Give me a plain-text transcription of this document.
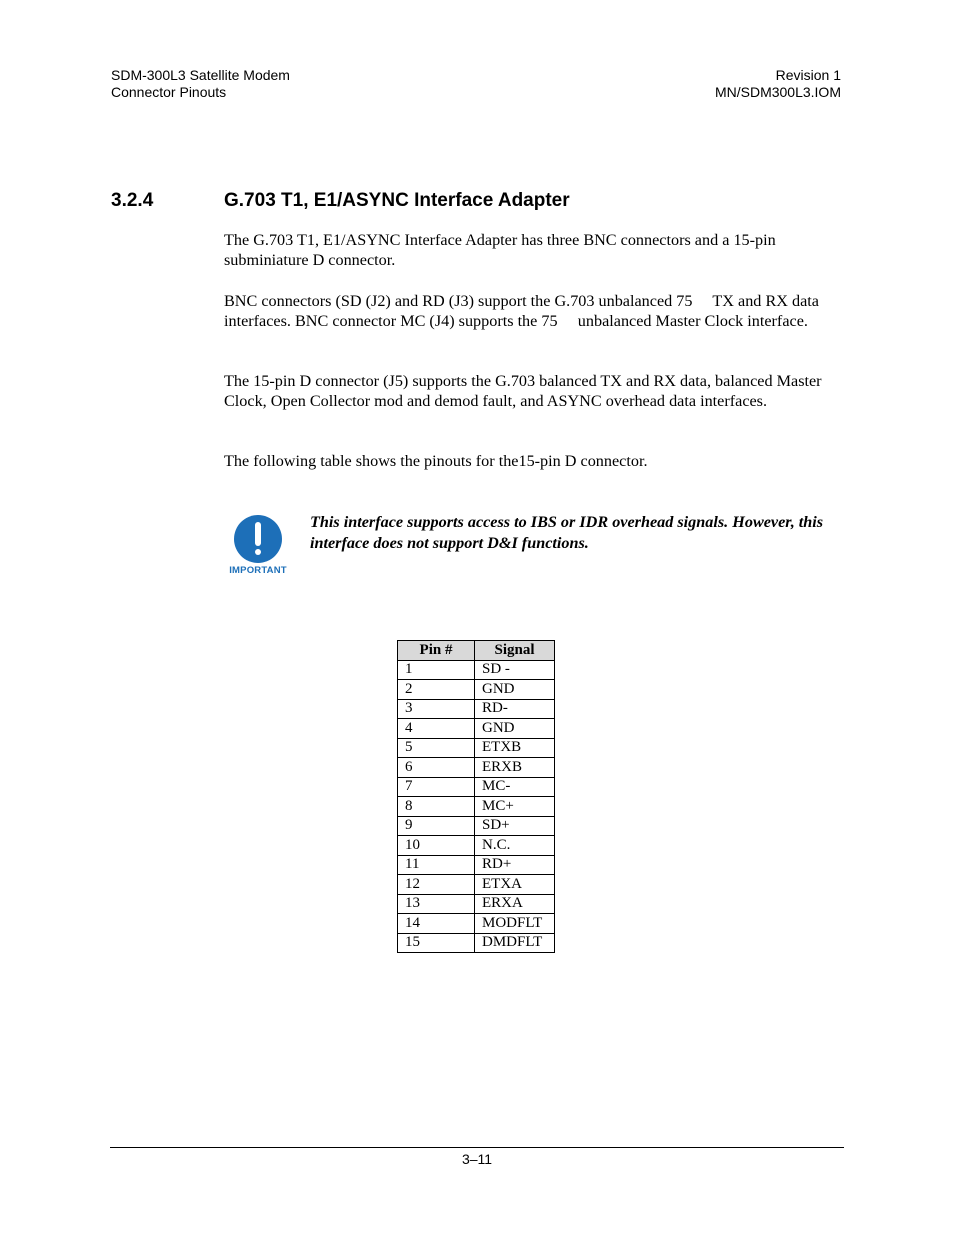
SDM-300L3 Satellite Modem
Connector Pinouts
Revision 1
MN/SDM300L3.IOM
3.2.4	G.703 T1, E1/ASYNC Interface Adapter

The G.703 T1, E1/ASYNC Interface Adapter has three BNC connectors and a 15-pin subminiature D connector.

BNC connectors (SD (J2) and RD (J3) support the G.703 unbalanced 75     TX and RX data interfaces. BNC connector MC (J4) supports the 75     unbalanced Master Clock interface.

The 15-pin D connector (J5) supports the G.703 balanced TX and RX data, balanced Master Clock, Open Collector mod and demod fault, and ASYNC overhead data interfaces.

The following table shows the pinouts for the15-pin D connector.

IMPORTANT
This interface supports access to IBS or IDR overhead signals. However, this interface does not support D&I functions.
Pin #	Signal
1	SD -
2	GND
3	RD-
4	GND
5	ETXB
6	ERXB
7	MC-
8	MC+
9	SD+
10	N.C.
11	RD+
12	ETXA
13	ERXA
14	MODFLT
15	DMDFLT
3–11
